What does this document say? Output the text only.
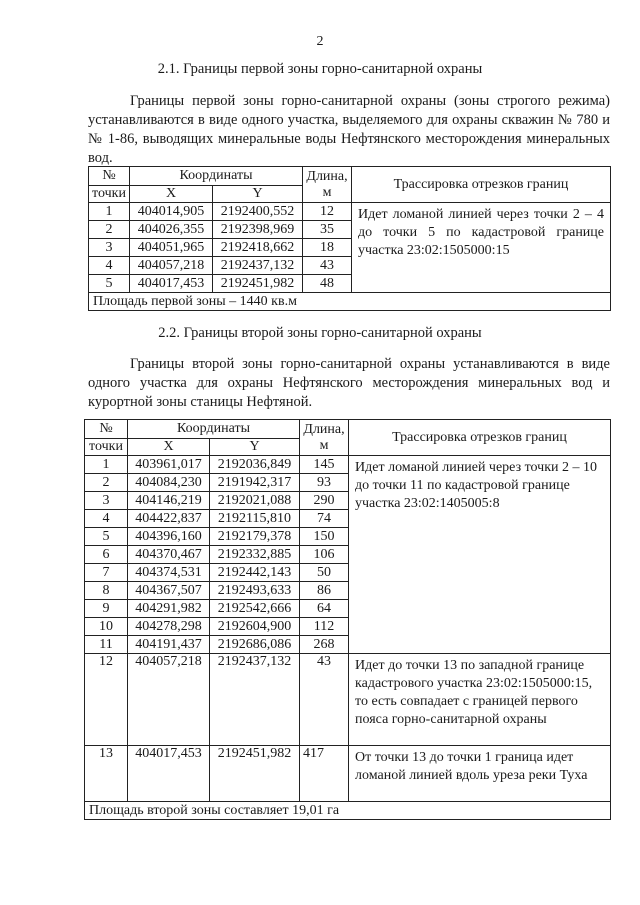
2
2.1. Границы первой зоны горно-санитарной охраны

Границы первой зоны горно-санитарной охраны (зоны строгого режима) устанавливаются в виде одного участка, выделяемого для охраны скважин № 780 и № 1-86, выводящих минеральные воды Нефтянского месторождения минеральных вод.

№	Координаты		Длина,
м	Трассировка отрезков границ
точки	X	Y		
1	404014,905	2192400,552	12	Идет ломаной линией через точки 2 – 4 до точки 5 по кадастровой границе участка 23:02:1505000:15
2	404026,355	2192398,969	35	
3	404051,965	2192418,662	18	
4	404057,218	2192437,132	43	
5	404017,453	2192451,982	48	
Площадь первой зоны – 1440 кв.м				
2.2. Границы второй зоны горно-санитарной охраны

Границы второй зоны горно-санитарной охраны устанавливаются в виде одного участка для охраны Нефтянского месторождения минеральных вод и курортной зоны станицы Нефтяной.

№	Координаты		Длина,
м	Трассировка отрезков границ
точки	X	Y		
1	403961,017	2192036,849	145	Идет ломаной линией через точки 2 – 10 до точки 11 по кадастровой границе участка 23:02:1405005:8
2	404084,230	2191942,317	93	
3	404146,219	2192021,088	290	
4	404422,837	2192115,810	74	
5	404396,160	2192179,378	150	
6	404370,467	2192332,885	106	
7	404374,531	2192442,143	50	
8	404367,507	2192493,633	86	
9	404291,982	2192542,666	64	
10	404278,298	2192604,900	112	
11	404191,437	2192686,086	268	
12	404057,218	2192437,132	43	Идет до точки 13 по западной границе кадастрового участка 23:02:1505000:15, то есть совпадает с границей первого пояса горно-санитарной охраны
13	404017,453	2192451,982	417	От точки 13 до точки 1 граница идет ломаной линией вдоль уреза реки Туха
Площадь второй зоны составляет 19,01 га				
